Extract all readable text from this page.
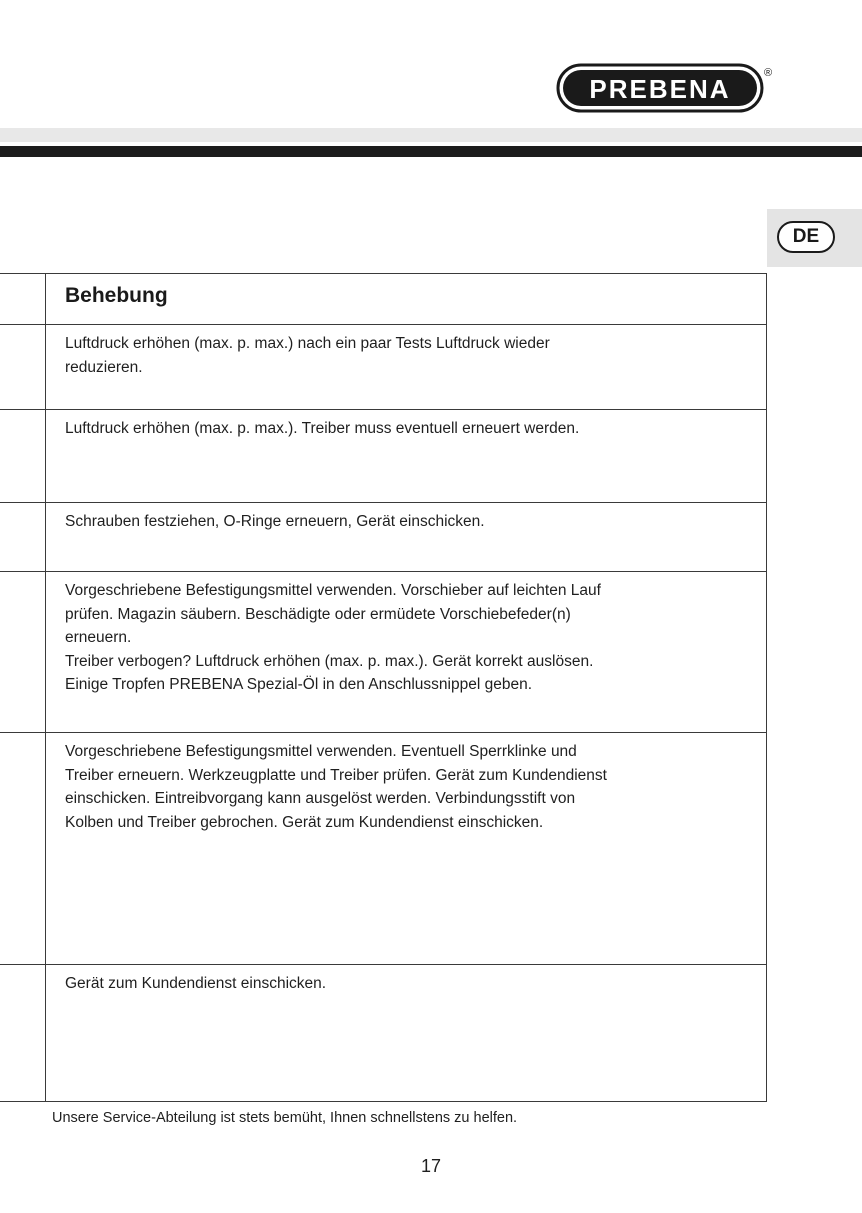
PREBENA
®
DE
Behebung
Luftdruck erhöhen (max. p. max.) nach ein paar Tests Luftdruck wieder
reduzieren.
Luftdruck erhöhen (max. p. max.). Treiber muss eventuell erneuert werden.
Schrauben festziehen, O-Ringe erneuern, Gerät einschicken.
Vorgeschriebene Befestigungsmittel verwenden. Vorschieber auf leichten Lauf
prüfen. Magazin säubern. Beschädigte oder ermüdete Vorschiebefeder(n)
erneuern.
Treiber verbogen? Luftdruck erhöhen (max. p. max.). Gerät korrekt auslösen.
Einige Tropfen PREBENA Spezial-Öl in den Anschlussnippel geben.
Vorgeschriebene Befestigungsmittel verwenden. Eventuell Sperrklinke und
Treiber erneuern. Werkzeugplatte und Treiber prüfen. Gerät zum Kundendienst
einschicken. Eintreibvorgang kann ausgelöst werden. Verbindungsstift von
Kolben und Treiber gebrochen. Gerät zum Kundendienst einschicken.
Gerät zum Kundendienst einschicken.
Unsere Service-Abteilung ist stets bemüht, Ihnen schnellstens zu helfen.
17
